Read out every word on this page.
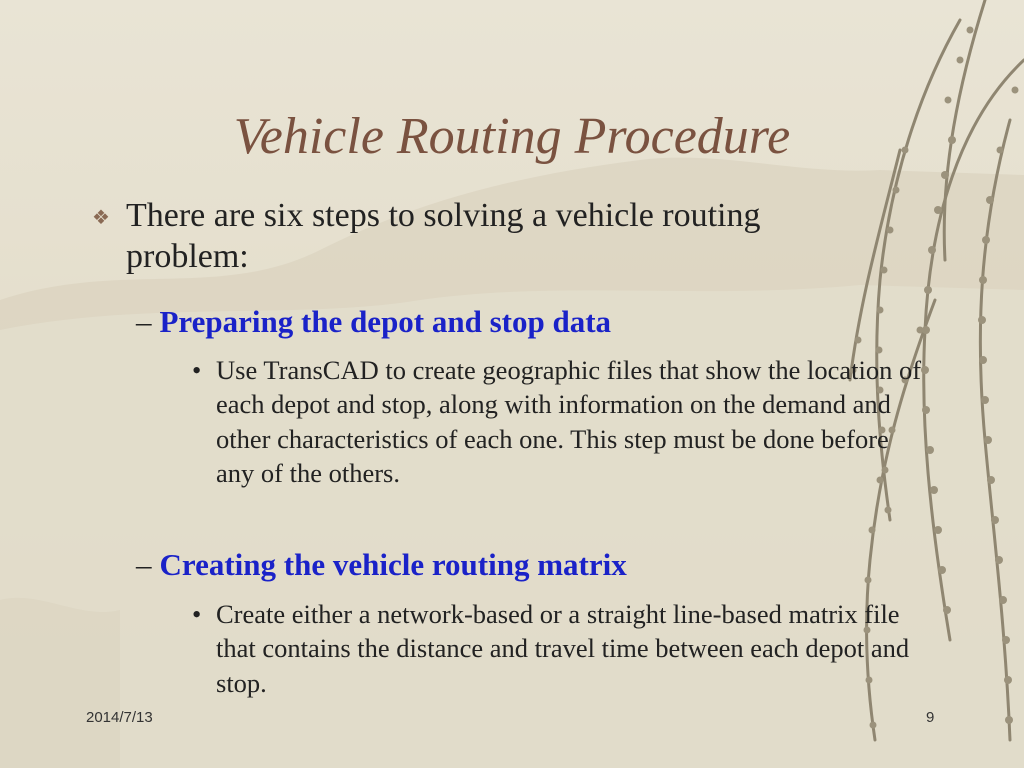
Vehicle Routing Procedure
❖ There are six steps to solving a vehicle routing problem:
– Preparing the depot and stop data
• Use TransCAD to create geographic files that show the location of each depot and stop, along with information on the demand and other characteristics of each one. This step must be done before any of the others.
– Creating the vehicle routing matrix
• Create either a network-based or a straight line-based matrix file that contains the distance and travel time between each depot and stop.
2014/7/13	9
